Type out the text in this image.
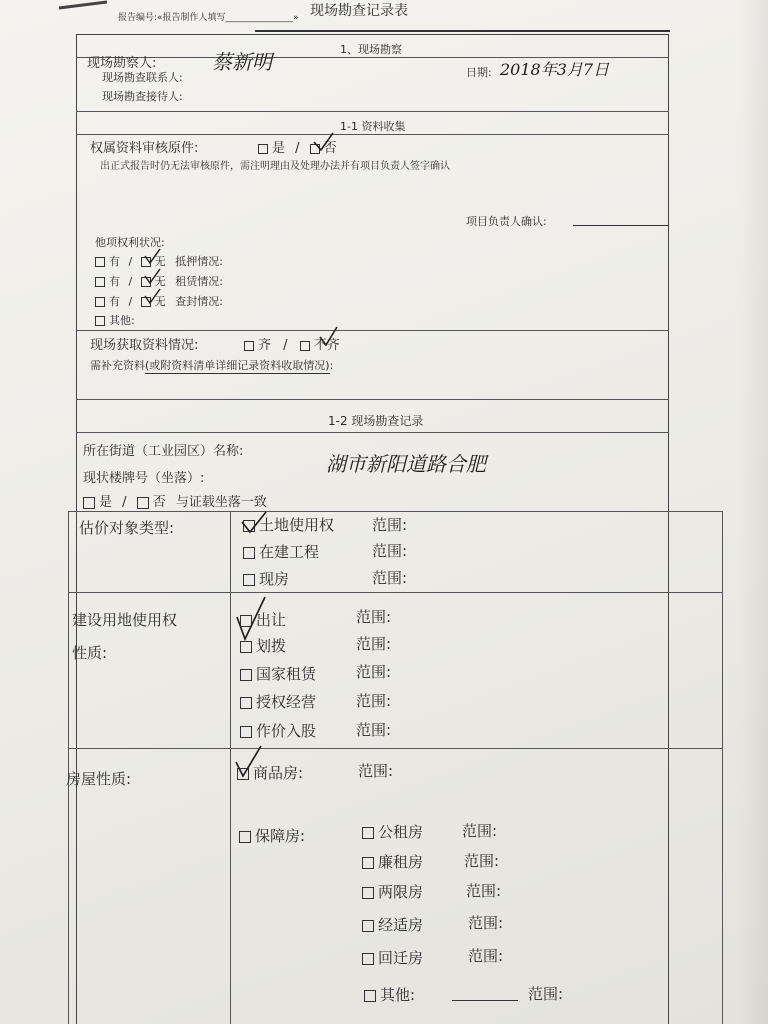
报告编号:«报告制作人填写_______________» 现场勘查记录表
1、现场勘察
现场勘察人:	蔡新明
现场勘查联系人:
现场勘查接待人:
日期: 2018年3月7日
1-1 资料收集
权属资料审核原件:	是 / 否
出正式报告时仍无法审核原件，需注明理由及处理办法并有项目负责人签字确认
项目负责人确认:
他项权利状况:
有 / 无 抵押情况:
有 / 无 租赁情况:
有 / 无 查封情况:
其他:
现场获取资料情况:	齐 / 不齐
需补充资料(或附资料清单详细记录资料收取情况):
1-2 现场勘查记录
所在街道（工业园区）名称:
现状楼牌号（坐落）:
湖市新阳道路合肥
是 / 否 与证载坐落一致
估价对象类型:	土地使用权	范围:
在建工程	范围:
现房	范围:
建设用地使用权
性质:
出让	范围:
划拨	范围:
国家租赁	范围:
授权经营	范围:
作价入股	范围:
房屋性质:	商品房:	范围:
保障房:	公租房	范围:
廉租房	范围:
两限房	范围:
经适房	范围:
回迁房	范围:
其他:	范围:
